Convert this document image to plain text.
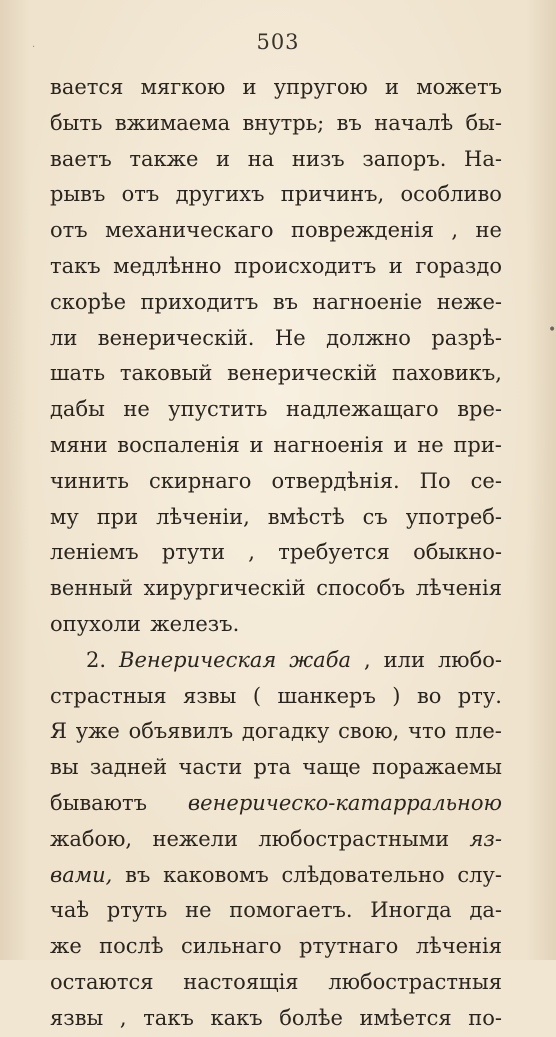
503
вается мягкою и упругою и можетъ
быть вжимаема внутрь; въ началѣ бы-
ваетъ также и на низъ запоръ. На-
рывъ отъ другихъ причинъ, особливо
отъ механическаго поврежденія , не
такъ медлѣнно происходитъ и гораздо
скорѣе приходитъ въ нагноеніе неже-
ли венерическій. Не должно разрѣ-
шать таковый венерическій паховикъ,
дабы не упустить надлежащаго вре-
мяни воспаленія и нагноенія и не при-
чинить скирнаго отвердѣнія. По се-
му при лѣченіи, вмѣстѣ съ употреб-
леніемъ ртути , требуется обыкно-
венный хирургическій способъ лѣченія
опухоли железъ.
2. Венерическая жаба , или любо-
страстныя язвы ( шанкеръ ) во рту.
Я уже объявилъ догадку свою, что пле-
вы задней части рта чаще поражаемы
бываютъ венерическо-катарральною
жабою, нежели любострастными яз-
вами, въ каковомъ слѣдовательно слу-
чаѣ ртуть не помогаетъ. Иногда да-
же послѣ сильнаго ртутнаго лѣченія
остаются настоящія любострастныя
язвы , такъ какъ болѣе имѣется по-
•
·
